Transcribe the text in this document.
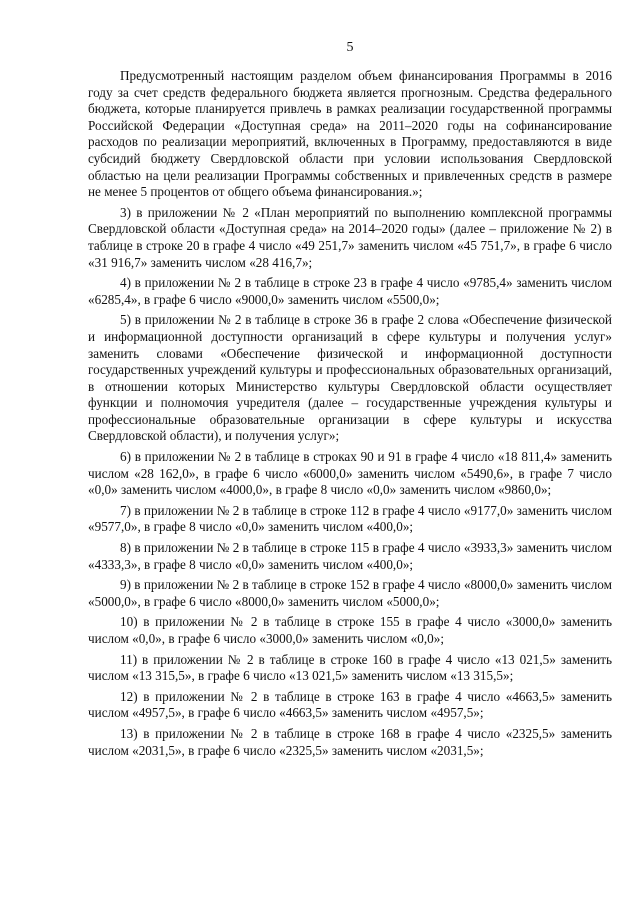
5

Предусмотренный настоящим разделом объем финансирования Программы в 2016 году за счет средств федерального бюджета является прогнозным. Средства федерального бюджета, которые планируется привлечь в рамках реализации государственной программы Российской Федерации «Доступная среда» на 2011–2020 годы на софинансирование расходов по реализации мероприятий, включенных в Программу, предоставляются в виде субсидий бюджету Свердловской области при условии использования Свердловской областью на цели реализации Программы собственных и привлеченных средств в размере не менее 5 процентов от общего объема финансирования.»;

3) в приложении № 2 «План мероприятий по выполнению комплексной программы Свердловской области «Доступная среда» на 2014–2020 годы» (далее – приложение № 2) в таблице в строке 20 в графе 4 число «49 251,7» заменить числом «45 751,7», в графе 6 число «31 916,7» заменить числом «28 416,7»;

4) в приложении № 2 в таблице в строке 23 в графе 4 число «9785,4» заменить числом «6285,4», в графе 6 число «9000,0» заменить числом «5500,0»;

5) в приложении № 2 в таблице в строке 36 в графе 2 слова «Обеспечение физической и информационной доступности организаций в сфере культуры и получения услуг» заменить словами «Обеспечение физической и информационной доступности государственных учреждений культуры и профессиональных образовательных организаций, в отношении которых Министерство культуры Свердловской области осуществляет функции и полномочия учредителя (далее – государственные учреждения культуры и профессиональные образовательные организации в сфере культуры и искусства Свердловской области), и получения услуг»;

6) в приложении № 2 в таблице в строках 90 и 91 в графе 4 число «18 811,4» заменить числом «28 162,0», в графе 6 число «6000,0» заменить числом «5490,6», в графе 7 число «0,0» заменить числом «4000,0», в графе 8 число «0,0» заменить числом «9860,0»;

7) в приложении № 2 в таблице в строке 112 в графе 4 число «9177,0» заменить числом «9577,0», в графе 8 число «0,0» заменить числом «400,0»;

8) в приложении № 2 в таблице в строке 115 в графе 4 число «3933,3» заменить числом «4333,3», в графе 8 число «0,0» заменить числом «400,0»;

9) в приложении № 2 в таблице в строке 152 в графе 4 число «8000,0» заменить числом «5000,0», в графе 6 число «8000,0» заменить числом «5000,0»;

10) в приложении № 2 в таблице в строке 155 в графе 4 число «3000,0» заменить числом «0,0», в графе 6 число «3000,0» заменить числом «0,0»;

11) в приложении № 2 в таблице в строке 160 в графе 4 число «13 021,5» заменить числом «13 315,5», в графе 6 число «13 021,5» заменить числом «13 315,5»;

12) в приложении № 2 в таблице в строке 163 в графе 4 число «4663,5» заменить числом «4957,5», в графе 6 число «4663,5» заменить числом «4957,5»;

13) в приложении № 2 в таблице в строке 168 в графе 4 число «2325,5» заменить числом «2031,5», в графе 6 число «2325,5» заменить числом «2031,5»;
